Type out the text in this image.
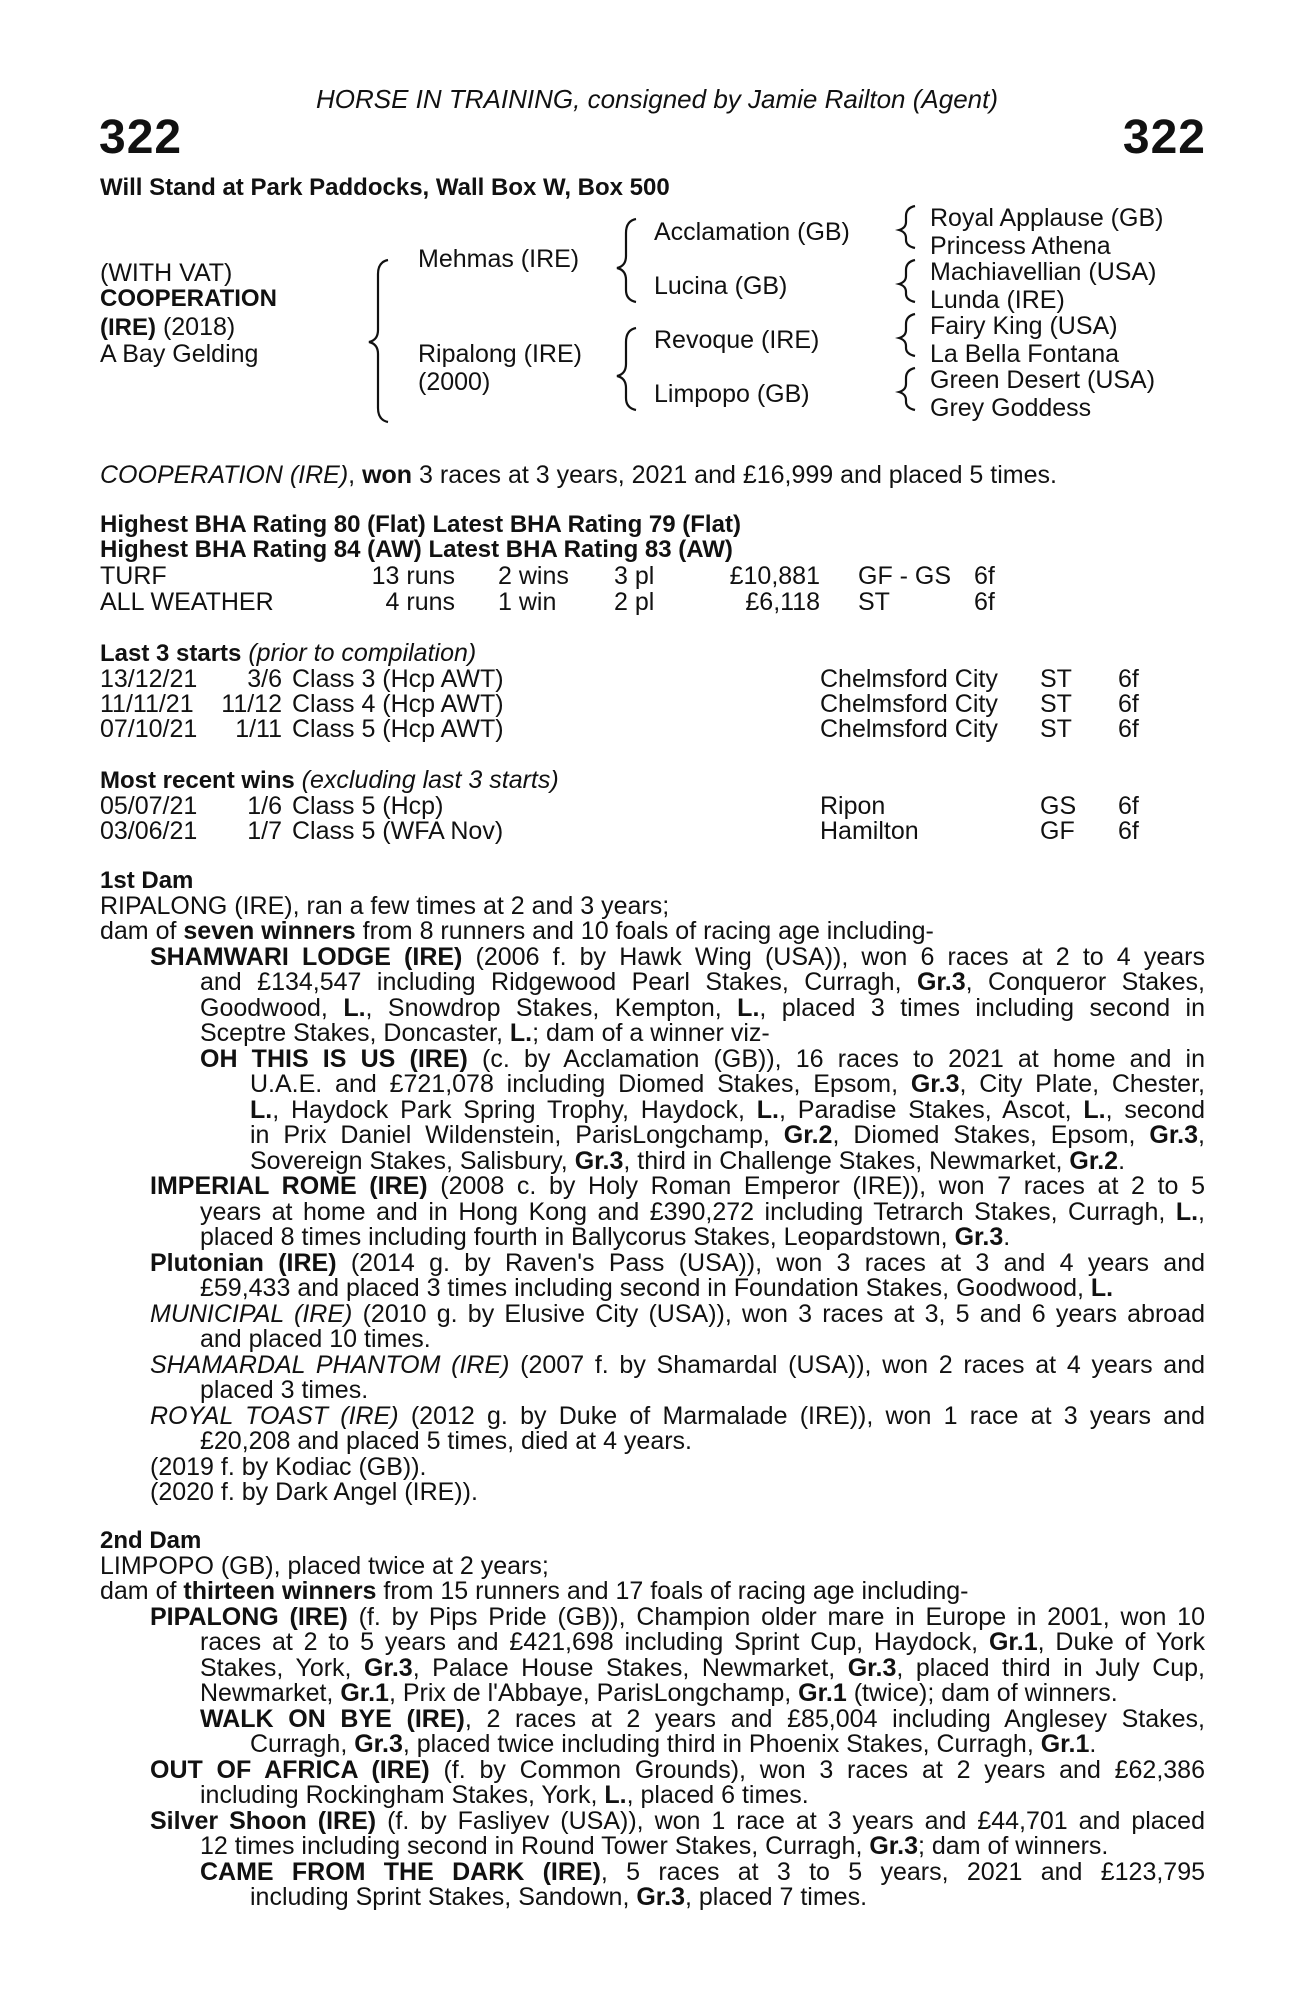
HORSE IN TRAINING, consigned by Jamie Railton (Agent)
322	322
Will Stand at Park Paddocks, Wall Box W, Box 500
(WITH VAT)
COOPERATION
(IRE) (2018)
A Bay Gelding
Mehmas (IRE)
Ripalong (IRE)
(2000)
Acclamation (GB)
Lucina (GB)
Revoque (IRE)
Limpopo (GB)
Royal Applause (GB)
Princess Athena
Machiavellian (USA)
Lunda (IRE)
Fairy King (USA)
La Bella Fontana
Green Desert (USA)
Grey Goddess
COOPERATION (IRE), won 3 races at 3 years, 2021 and £16,999 and placed 5 times.
Highest BHA Rating 80 (Flat) Latest BHA Rating 79 (Flat)
Highest BHA Rating 84 (AW) Latest BHA Rating 83 (AW)
TURF	13 runs 2 wins 3 pl	£10,881 GF - GS 6f
ALL WEATHER	4 runs 1 win 2 pl	£6,118 ST	6f
Last 3 starts (prior to compilation)
13/12/21	3/6 Class 3 (Hcp AWT)	Chelmsford City ST 6f
11/11/21	11/12 Class 4 (Hcp AWT)	Chelmsford City ST 6f
07/10/21	1/11 Class 5 (Hcp AWT)	Chelmsford City ST 6f
Most recent wins (excluding last 3 starts)
05/07/21	1/6 Class 5 (Hcp)	Ripon	GS 6f
03/06/21	1/7 Class 5 (WFA Nov)	Hamilton	GF 6f
1st Dam
RIPALONG (IRE), ran a few times at 2 and 3 years;
dam of seven winners from 8 runners and 10 foals of racing age including-
SHAMWARI LODGE (IRE) (2006 f. by Hawk Wing (USA)), won 6 races at 2 to 4 years
and £134,547 including Ridgewood Pearl Stakes, Curragh, Gr.3, Conqueror Stakes,
Goodwood, L., Snowdrop Stakes, Kempton, L., placed 3 times including second in
Sceptre Stakes, Doncaster, L.; dam of a winner viz-
OH THIS IS US (IRE) (c. by Acclamation (GB)), 16 races to 2021 at home and in
U.A.E. and £721,078 including Diomed Stakes, Epsom, Gr.3, City Plate, Chester,
L., Haydock Park Spring Trophy, Haydock, L., Paradise Stakes, Ascot, L., second
in Prix Daniel Wildenstein, ParisLongchamp, Gr.2, Diomed Stakes, Epsom, Gr.3,
Sovereign Stakes, Salisbury, Gr.3, third in Challenge Stakes, Newmarket, Gr.2.
IMPERIAL ROME (IRE) (2008 c. by Holy Roman Emperor (IRE)), won 7 races at 2 to 5
years at home and in Hong Kong and £390,272 including Tetrarch Stakes, Curragh, L.,
placed 8 times including fourth in Ballycorus Stakes, Leopardstown, Gr.3.
Plutonian (IRE) (2014 g. by Raven's Pass (USA)), won 3 races at 3 and 4 years and
£59,433 and placed 3 times including second in Foundation Stakes, Goodwood, L.
MUNICIPAL (IRE) (2010 g. by Elusive City (USA)), won 3 races at 3, 5 and 6 years abroad
and placed 10 times.
SHAMARDAL PHANTOM (IRE) (2007 f. by Shamardal (USA)), won 2 races at 4 years and
placed 3 times.
ROYAL TOAST (IRE) (2012 g. by Duke of Marmalade (IRE)), won 1 race at 3 years and
£20,208 and placed 5 times, died at 4 years.
(2019 f. by Kodiac (GB)).
(2020 f. by Dark Angel (IRE)).
2nd Dam
LIMPOPO (GB), placed twice at 2 years;
dam of thirteen winners from 15 runners and 17 foals of racing age including-
PIPALONG (IRE) (f. by Pips Pride (GB)), Champion older mare in Europe in 2001, won 10
races at 2 to 5 years and £421,698 including Sprint Cup, Haydock, Gr.1, Duke of York
Stakes, York, Gr.3, Palace House Stakes, Newmarket, Gr.3, placed third in July Cup,
Newmarket, Gr.1, Prix de l'Abbaye, ParisLongchamp, Gr.1 (twice); dam of winners.
WALK ON BYE (IRE), 2 races at 2 years and £85,004 including Anglesey Stakes,
Curragh, Gr.3, placed twice including third in Phoenix Stakes, Curragh, Gr.1.
OUT OF AFRICA (IRE) (f. by Common Grounds), won 3 races at 2 years and £62,386
including Rockingham Stakes, York, L., placed 6 times.
Silver Shoon (IRE) (f. by Fasliyev (USA)), won 1 race at 3 years and £44,701 and placed
12 times including second in Round Tower Stakes, Curragh, Gr.3; dam of winners.
CAME FROM THE DARK (IRE), 5 races at 3 to 5 years, 2021 and £123,795
including Sprint Stakes, Sandown, Gr.3, placed 7 times.
